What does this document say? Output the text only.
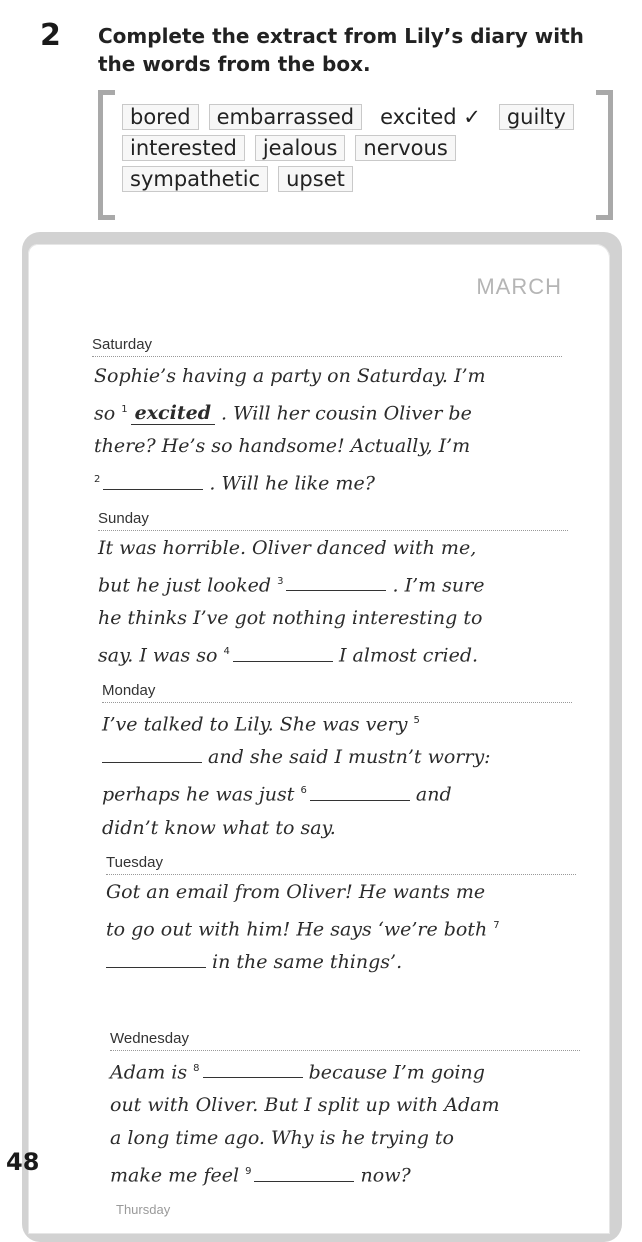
2 Complete the extract from Lily’s diary with the words from the box.
bored embarrassed excited ✓ guilty
interested jealous nervous
sympathetic upset
MARCH
Saturday
Sophie’s having a party on Saturday. I’m
so $^1$ excited . Will her cousin Oliver be
there? He’s so handsome! Actually, I’m
$^2$	. Will he like me?
Sunday
It was horrible. Oliver danced with me,
but he just looked $^3$	. I’m sure
he thinks I’ve got nothing interesting to
say. I was so $^4$	I almost cried.
Monday
I’ve talked to Lily. She was very $^5$
and she said I mustn’t worry:
perhaps he was just $^6$	and
didn’t know what to say.
Tuesday
Got an email from Oliver! He wants me
to go out with him! He says ‘we’re both $^7$
in the same things’.
Wednesday
Adam is $^8$	because I’m going
out with Oliver. But I split up with Adam
a long time ago. Why is he trying to
make me feel $^9$	now?
Thursday
48
